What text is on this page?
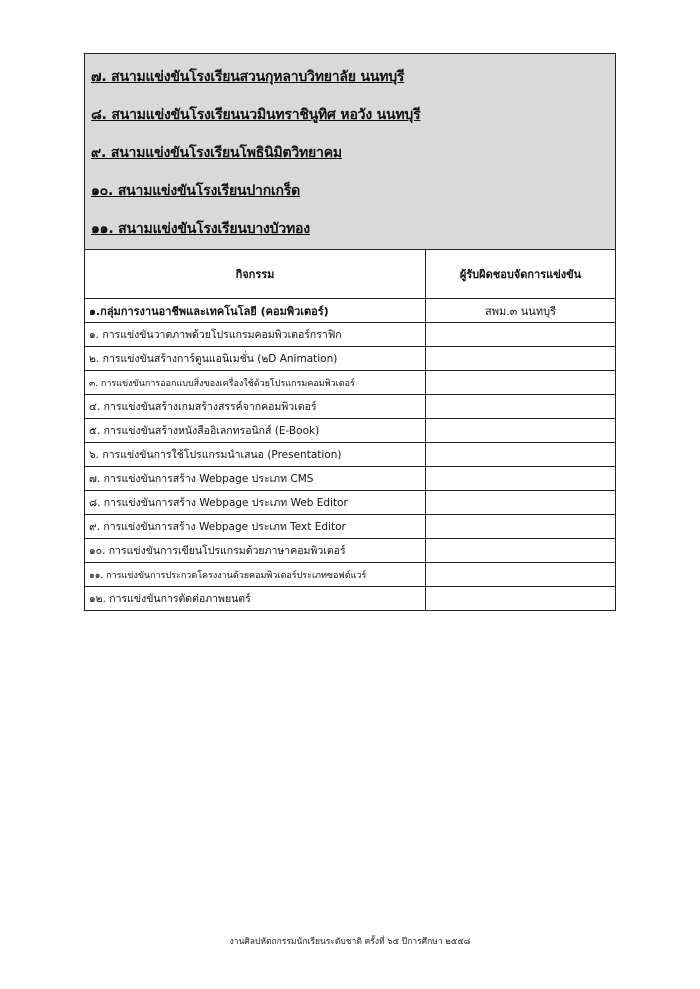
๗. สนามแข่งขันโรงเรียนสวนกุหลาบวิทยาลัย นนทบุรี
๘. สนามแข่งขันโรงเรียนนวมินทราชินูทิศ หอวัง นนทบุรี
๙. สนามแข่งขันโรงเรียนโพธินิมิตวิทยาคม
๑๐. สนามแข่งขันโรงเรียนปากเกร็ด
๑๑. สนามแข่งขันโรงเรียนบางบัวทอง	

กิจกรรม	ผู้รับผิดชอบจัดการแข่งขัน
๑.กลุ่มการงานอาชีพและเทคโนโลยี (คอมพิวเตอร์)	สพม.๓ นนทบุรี
๑. การแข่งขันวาดภาพด้วยโปรแกรมคอมพิวเตอร์กราฟิก	
๒. การแข่งขันสร้างการ์ตูนแอนิเมชั่น (๒D Animation)	
๓. การแข่งขันการออกแบบสิ่งของเครื่องใช้ด้วยโปรแกรมคอมพิวเตอร์	
๔. การแข่งขันสร้างเกมสร้างสรรค์จากคอมพิวเตอร์	
๕. การแข่งขันสร้างหนังสืออิเลกทรอนิกส์ (E-Book)	
๖. การแข่งขันการใช้โปรแกรมนำเสนอ (Presentation)	
๗. การแข่งขันการสร้าง Webpage ประเภท CMS	
๘. การแข่งขันการสร้าง Webpage ประเภท Web Editor	
๙. การแข่งขันการสร้าง Webpage ประเภท Text Editor	
๑๐. การแข่งขันการเขียนโปรแกรมด้วยภาษาคอมพิวเตอร์	
๑๑. การแข่งขันการประกวดโครงงานด้วยคอมพิวเตอร์ประเภทซอฟต์แวร์	
๑๒. การแข่งขันการตัดต่อภาพยนตร์	
งานศิลปหัตถกรรมนักเรียนระดับชาติ ครั้งที่ ๖๕ ปีการศึกษา ๒๕๕๘
